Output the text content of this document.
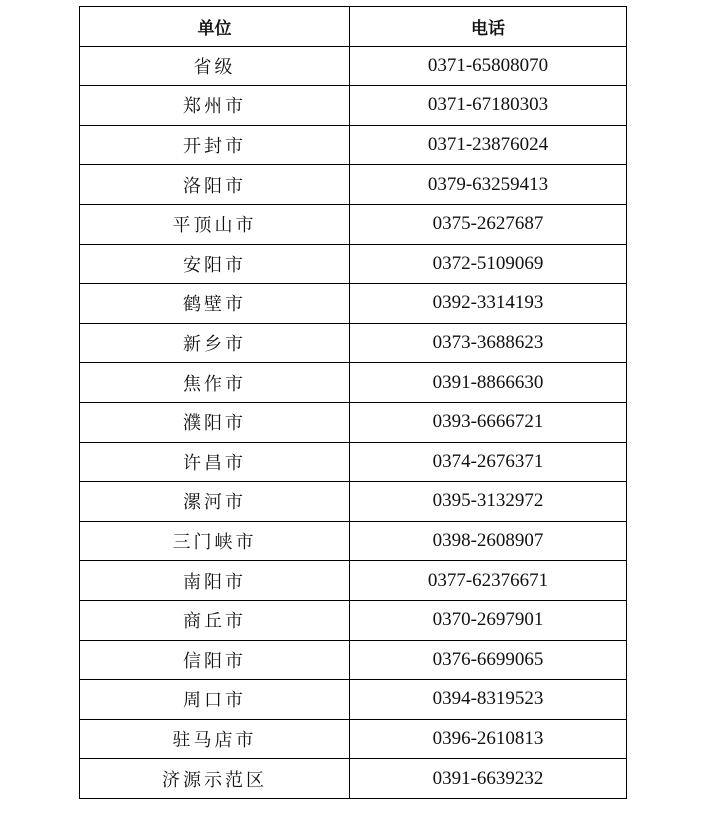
单位	电话
省级	0371-65808070
郑州市	0371-67180303
开封市	0371-23876024
洛阳市	0379-63259413
平顶山市	0375-2627687
安阳市	0372-5109069
鹤壁市	0392-3314193
新乡市	0373-3688623
焦作市	0391-8866630
濮阳市	0393-6666721
许昌市	0374-2676371
漯河市	0395-3132972
三门峡市	0398-2608907
南阳市	0377-62376671
商丘市	0370-2697901
信阳市	0376-6699065
周口市	0394-8319523
驻马店市	0396-2610813
济源示范区	0391-6639232
